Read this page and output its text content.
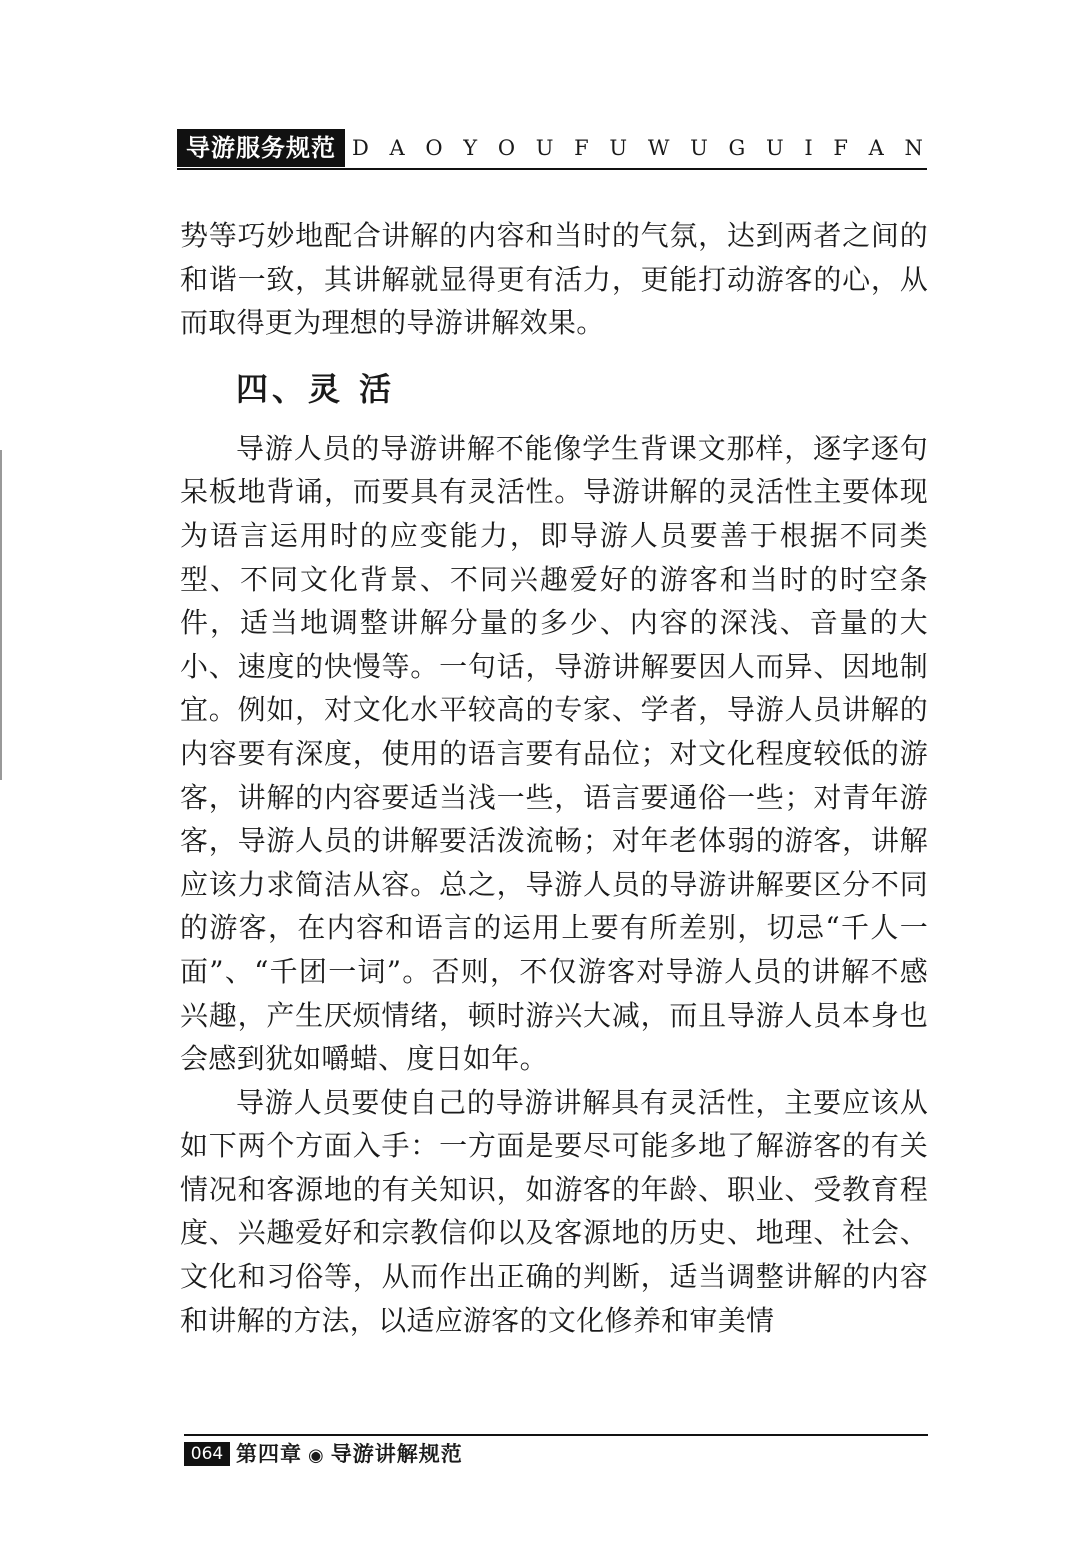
导游服务规范 D A O Y O U F U W U G U I F A N

势等巧妙地配合讲解的内容和当时的气氛，达到两者之间的和谐一致，其讲解就显得更有活力，更能打动游客的心，从而取得更为理想的导游讲解效果。

四、灵 活

导游人员的导游讲解不能像学生背课文那样，逐字逐句呆板地背诵，而要具有灵活性。导游讲解的灵活性主要体现为语言运用时的应变能力，即导游人员要善于根据不同类型、不同文化背景、不同兴趣爱好的游客和当时的时空条件，适当地调整讲解分量的多少、内容的深浅、音量的大小、速度的快慢等。一句话，导游讲解要因人而异、因地制宜。例如，对文化水平较高的专家、学者，导游人员讲解的内容要有深度，使用的语言要有品位；对文化程度较低的游客，讲解的内容要适当浅一些，语言要通俗一些；对青年游客，导游人员的讲解要活泼流畅；对年老体弱的游客，讲解应该力求简洁从容。总之，导游人员的导游讲解要区分不同的游客，在内容和语言的运用上要有所差别，切忌“千人一面”、“千团一词”。否则，不仅游客对导游人员的讲解不感兴趣，产生厌烦情绪，顿时游兴大减，而且导游人员本身也会感到犹如嚼蜡、度日如年。

导游人员要使自己的导游讲解具有灵活性，主要应该从如下两个方面入手：一方面是要尽可能多地了解游客的有关情况和客源地的有关知识，如游客的年龄、职业、受教育程度、兴趣爱好和宗教信仰以及客源地的历史、地理、社会、文化和习俗等，从而作出正确的判断，适当调整讲解的内容和讲解的方法，以适应游客的文化修养和审美情

064 第四章 ◉ 导游讲解规范
